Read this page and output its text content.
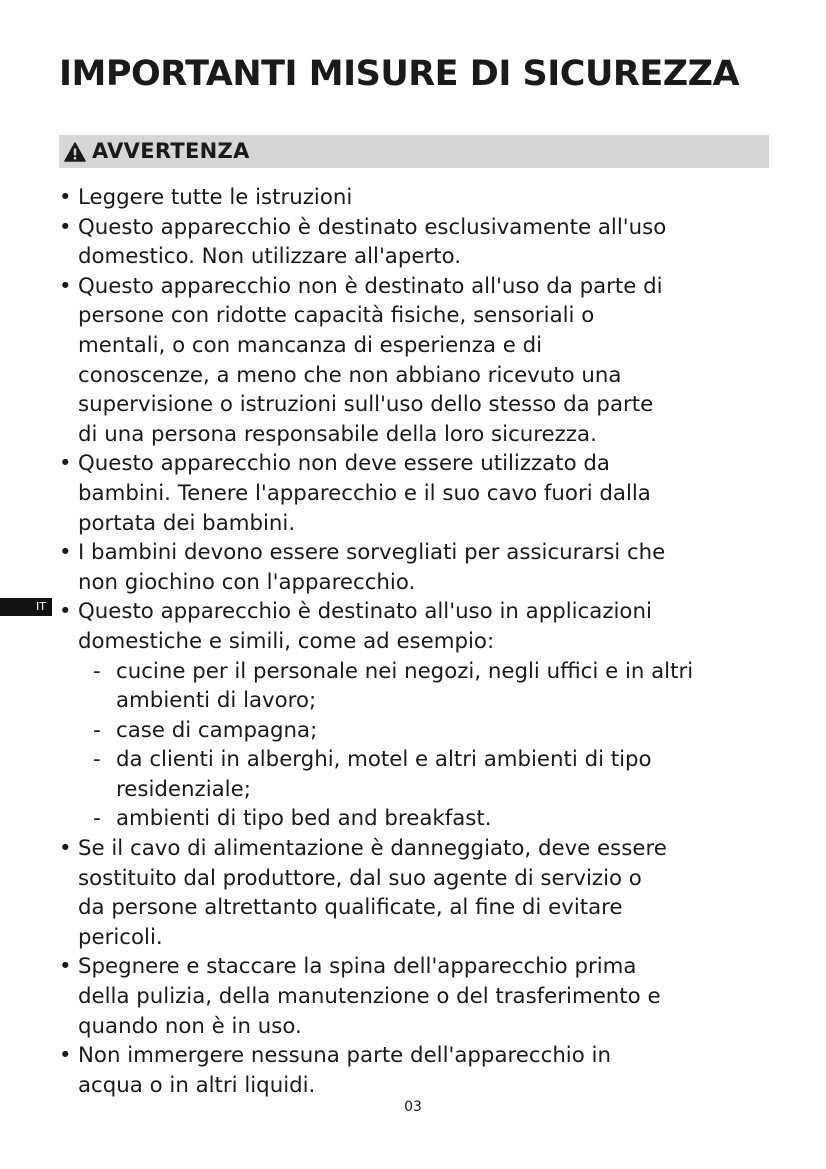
IMPORTANTI MISURE DI SICUREZZA
AVVERTENZA
• Leggere tutte le istruzioni
• Questo apparecchio è destinato esclusivamente all'uso
domestico. Non utilizzare all'aperto.
• Questo apparecchio non è destinato all'uso da parte di
persone con ridotte capacità fisiche, sensoriali o
mentali, o con mancanza di esperienza e di
conoscenze, a meno che non abbiano ricevuto una
supervisione o istruzioni sull'uso dello stesso da parte
di una persona responsabile della loro sicurezza.
• Questo apparecchio non deve essere utilizzato da
bambini. Tenere l'apparecchio e il suo cavo fuori dalla
portata dei bambini.
• I bambini devono essere sorvegliati per assicurarsi che
non giochino con l'apparecchio.
• Questo apparecchio è destinato all'uso in applicazioni
domestiche e simili, come ad esempio:
- cucine per il personale nei negozi, negli uffici e in altri
ambienti di lavoro;
- case di campagna;
- da clienti in alberghi, motel e altri ambienti di tipo
residenziale;
- ambienti di tipo bed and breakfast.
• Se il cavo di alimentazione è danneggiato, deve essere
sostituito dal produttore, dal suo agente di servizio o
da persone altrettanto qualificate, al fine di evitare
pericoli.
• Spegnere e staccare la spina dell'apparecchio prima
della pulizia, della manutenzione o del trasferimento e
quando non è in uso.
• Non immergere nessuna parte dell'apparecchio in
acqua o in altri liquidi.
IT
03
